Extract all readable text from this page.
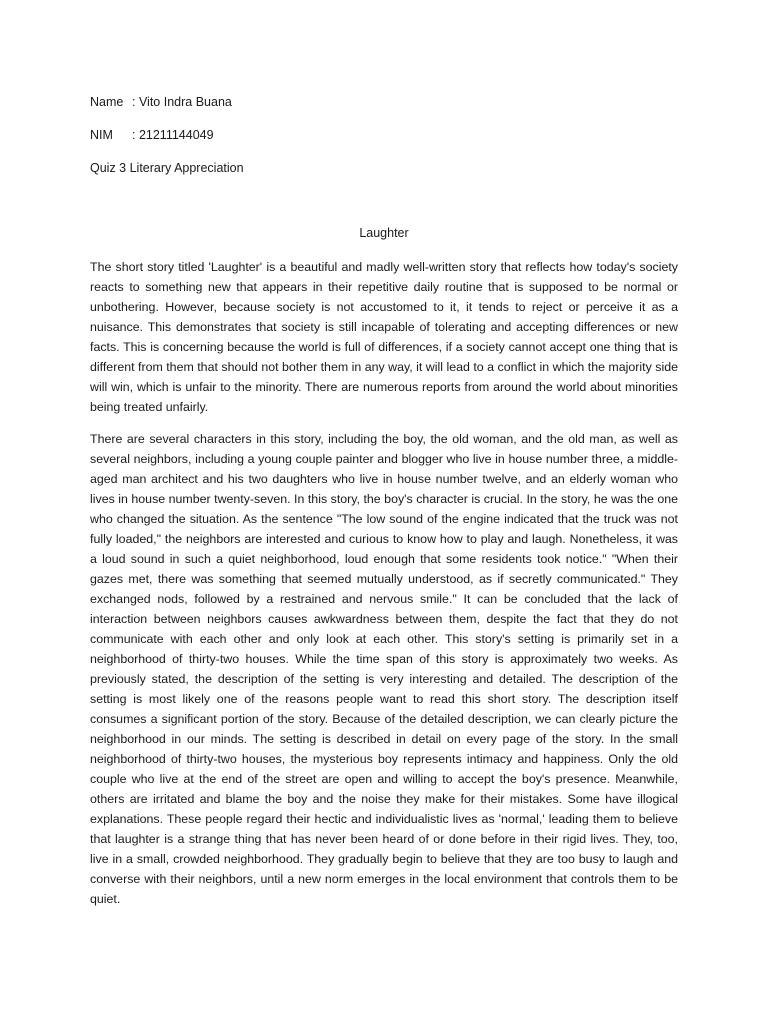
Name : Vito Indra Buana
NIM : 21211144049
Quiz 3 Literary Appreciation
Laughter

The short story titled 'Laughter' is a beautiful and madly well-written story that reflects how today's society reacts to something new that appears in their repetitive daily routine that is supposed to be normal or unbothering. However, because society is not accustomed to it, it tends to reject or perceive it as a nuisance. This demonstrates that society is still incapable of tolerating and accepting differences or new facts. This is concerning because the world is full of differences, if a society cannot accept one thing that is different from them that should not bother them in any way, it will lead to a conflict in which the majority side will win, which is unfair to the minority. There are numerous reports from around the world about minorities being treated unfairly.

There are several characters in this story, including the boy, the old woman, and the old man, as well as several neighbors, including a young couple painter and blogger who live in house number three, a middle-aged man architect and his two daughters who live in house number twelve, and an elderly woman who lives in house number twenty-seven. In this story, the boy's character is crucial. In the story, he was the one who changed the situation. As the sentence "The low sound of the engine indicated that the truck was not fully loaded," the neighbors are interested and curious to know how to play and laugh. Nonetheless, it was a loud sound in such a quiet neighborhood, loud enough that some residents took notice." "When their gazes met, there was something that seemed mutually understood, as if secretly communicated." They exchanged nods, followed by a restrained and nervous smile." It can be concluded that the lack of interaction between neighbors causes awkwardness between them, despite the fact that they do not communicate with each other and only look at each other. This story's setting is primarily set in a neighborhood of thirty-two houses. While the time span of this story is approximately two weeks. As previously stated, the description of the setting is very interesting and detailed. The description of the setting is most likely one of the reasons people want to read this short story. The description itself consumes a significant portion of the story. Because of the detailed description, we can clearly picture the neighborhood in our minds. The setting is described in detail on every page of the story. In the small neighborhood of thirty-two houses, the mysterious boy represents intimacy and happiness. Only the old couple who live at the end of the street are open and willing to accept the boy's presence. Meanwhile, others are irritated and blame the boy and the noise they make for their mistakes. Some have illogical explanations. These people regard their hectic and individualistic lives as 'normal,' leading them to believe that laughter is a strange thing that has never been heard of or done before in their rigid lives. They, too, live in a small, crowded neighborhood. They gradually begin to believe that they are too busy to laugh and converse with their neighbors, until a new norm emerges in the local environment that controls them to be quiet.
